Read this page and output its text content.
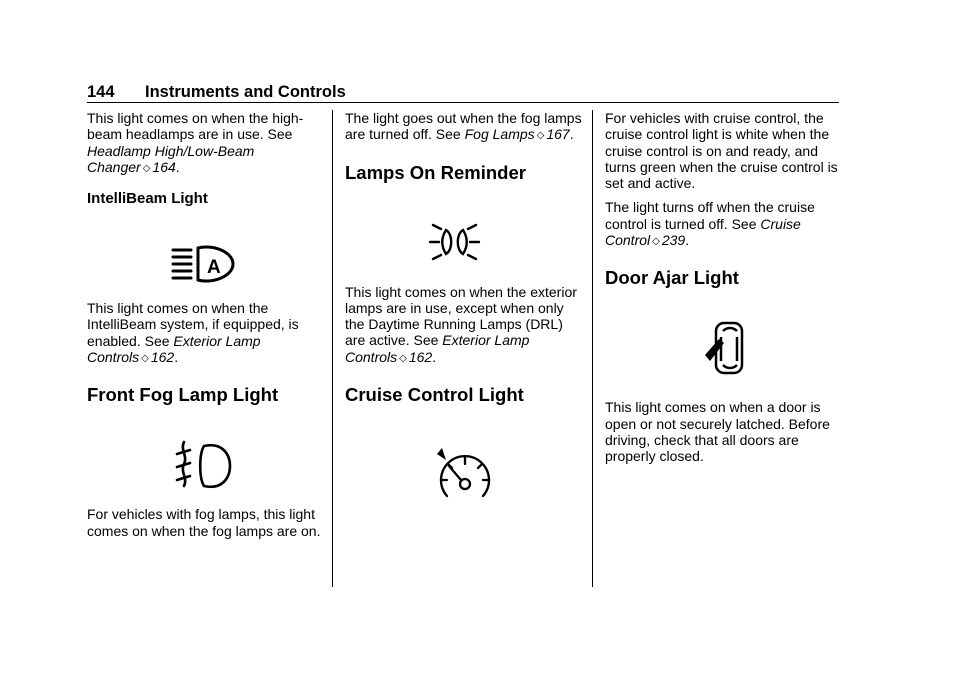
144 Instruments and Controls

This light comes on when the high-beam headlamps are in use. See Headlamp High/Low-Beam Changer ◇ 164.

IntelliBeam Light
A

This light comes on when the IntelliBeam system, if equipped, is enabled. See Exterior Lamp Controls ◇ 162.

Front Fog Lamp Light

For vehicles with fog lamps, this light comes on when the fog lamps are on.

The light goes out when the fog lamps are turned off. See Fog Lamps ◇ 167.

Lamps On Reminder

This light comes on when the exterior lamps are in use, except when only the Daytime Running Lamps (DRL) are active. See Exterior Lamp Controls ◇ 162.

Cruise Control Light

For vehicles with cruise control, the cruise control light is white when the cruise control is on and ready, and turns green when the cruise control is set and active.

The light turns off when the cruise control is turned off. See Cruise Control ◇ 239.

Door Ajar Light

This light comes on when a door is open or not securely latched. Before driving, check that all doors are properly closed.
